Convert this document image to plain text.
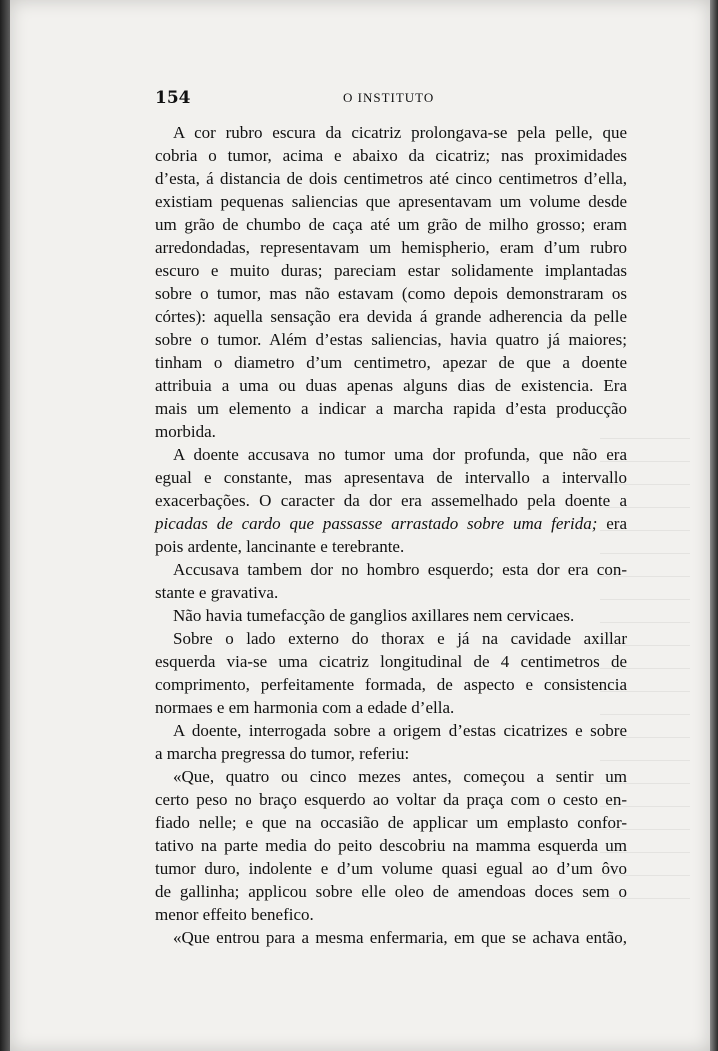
154	O INSTITUTO
A cor rubro escura da cicatriz prolongava-se pela pelle, que
cobria o tumor, acima e abaixo da cicatriz; nas proximidades
d’esta, á distancia de dois centimetros até cinco centimetros d’ella,
existiam pequenas saliencias que apresentavam um volume desde
um grão de chumbo de caça até um grão de milho grosso; eram
arredondadas, representavam um hemispherio, eram d’um rubro
escuro e muito duras; pareciam estar solidamente implantadas
sobre o tumor, mas não estavam (como depois demonstraram os
córtes): aquella sensação era devida á grande adherencia da pelle
sobre o tumor. Além d’estas saliencias, havia quatro já maiores;
tinham o diametro d’um centimetro, apezar de que a doente
attribuia a uma ou duas apenas alguns dias de existencia. Era
mais um elemento a indicar a marcha rapida d’esta producção
morbida.
A doente accusava no tumor uma dor profunda, que não era
egual e constante, mas apresentava de intervallo a intervallo
exacerbações. O caracter da dor era assemelhado pela doente a
picadas de cardo que passasse arrastado sobre uma ferida; era
pois ardente, lancinante e terebrante.
Accusava tambem dor no hombro esquerdo; esta dor era con-
stante e gravativa.
Não havia tumefacção de ganglios axillares nem cervicaes.
Sobre o lado externo do thorax e já na cavidade axillar
esquerda via-se uma cicatriz longitudinal de 4 centimetros de
comprimento, perfeitamente formada, de aspecto e consistencia
normaes e em harmonia com a edade d’ella.
A doente, interrogada sobre a origem d’estas cicatrizes e sobre
a marcha pregressa do tumor, referiu:
«Que, quatro ou cinco mezes antes, começou a sentir um
certo peso no braço esquerdo ao voltar da praça com o cesto en-
fiado nelle; e que na occasião de applicar um emplasto confor-
tativo na parte media do peito descobriu na mamma esquerda um
tumor duro, indolente e d’um volume quasi egual ao d’um ôvo
de gallinha; applicou sobre elle oleo de amendoas doces sem o
menor effeito benefico.
«Que entrou para a mesma enfermaria, em que se achava então,
